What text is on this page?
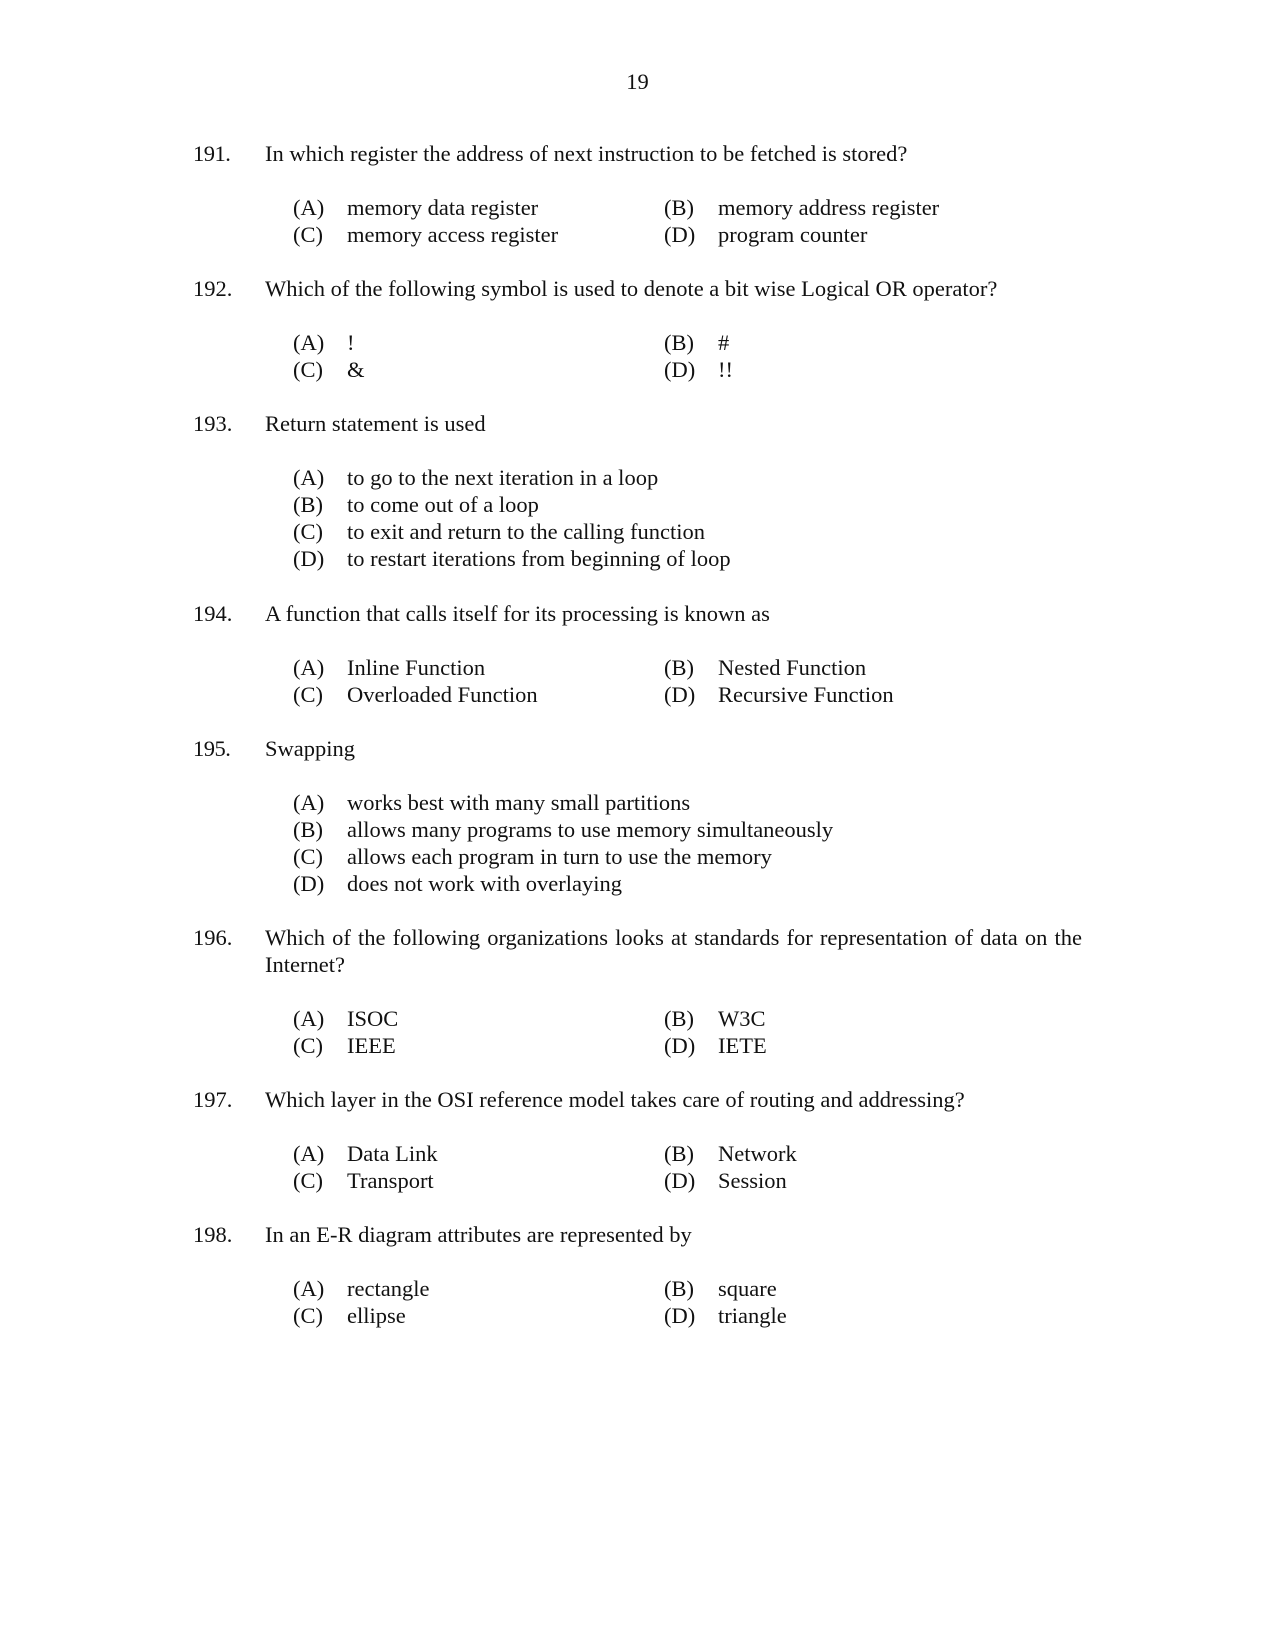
19
191. In which register the address of next instruction to be fetched is stored?
(A) memory data register	(B) memory address register
(C) memory access register	(D) program counter
192. Which of the following symbol is used to denote a bit wise Logical OR operator?
(A) !	(B) #
(C) &	(D) !!
193. Return statement is used
(A) to go to the next iteration in a loop
(B) to come out of a loop
(C) to exit and return to the calling function
(D) to restart iterations from beginning of loop
194. A function that calls itself for its processing is known as
(A) Inline Function	(B) Nested Function
(C) Overloaded Function	(D) Recursive Function
195. Swapping
(A) works best with many small partitions
(B) allows many programs to use memory simultaneously
(C) allows each program in turn to use the memory
(D) does not work with overlaying
196. Which of the following organizations looks at standards for representation of data on the Internet?
(A) ISOC	(B) W3C
(C) IEEE	(D) IETE
197. Which layer in the OSI reference model takes care of routing and addressing?
(A) Data Link	(B) Network
(C) Transport	(D) Session
198. In an E-R diagram attributes are represented by
(A) rectangle	(B) square
(C) ellipse	(D) triangle
